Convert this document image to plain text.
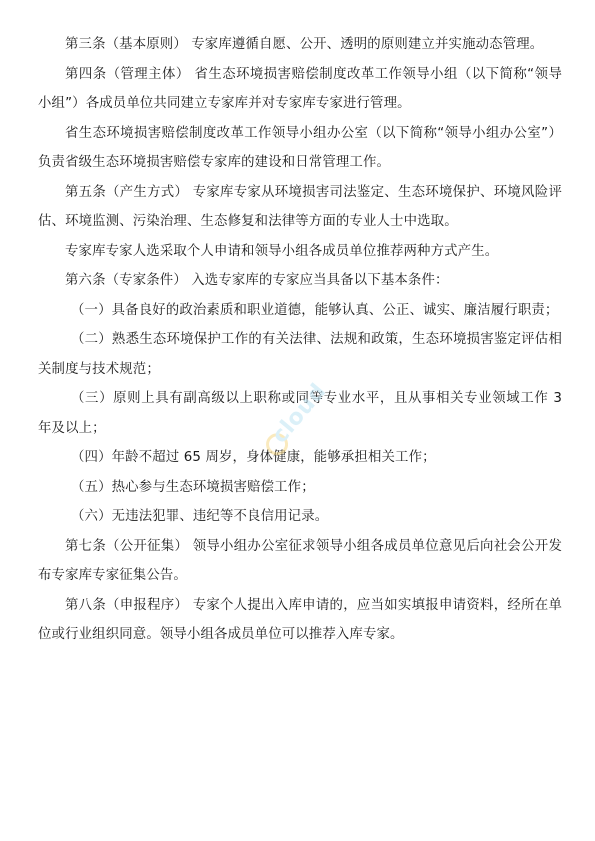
第三条（基本原则） 专家库遵循自愿、公开、透明的原则建立并实施动态管理。

第四条（管理主体） 省生态环境损害赔偿制度改革工作领导小组（以下简称“领导小组”）各成员单位共同建立专家库并对专家库专家进行管理。

省生态环境损害赔偿制度改革工作领导小组办公室（以下简称“领导小组办公室”）负责省级生态环境损害赔偿专家库的建设和日常管理工作。

第五条（产生方式） 专家库专家从环境损害司法鉴定、生态环境保护、环境风险评估、环境监测、污染治理、生态修复和法律等方面的专业人士中选取。

专家库专家人选采取个人申请和领导小组各成员单位推荐两种方式产生。

第六条（专家条件） 入选专家库的专家应当具备以下基本条件：

（一）具备良好的政治素质和职业道德，能够认真、公正、诚实、廉洁履行职责；

（二）熟悉生态环境保护工作的有关法律、法规和政策，生态环境损害鉴定评估相关制度与技术规范；

（三）原则上具有副高级以上职称或同等专业水平，且从事相关专业领域工作 3 年及以上；

（四）年龄不超过 65 周岁，身体健康，能够承担相关工作；

（五）热心参与生态环境损害赔偿工作；

（六）无违法犯罪、违纪等不良信用记录。

第七条（公开征集） 领导小组办公室征求领导小组各成员单位意见后向社会公开发布专家库专家征集公告。

第八条（申报程序） 专家个人提出入库申请的，应当如实填报申请资料，经所在单位或行业组织同意。领导小组各成员单位可以推荐入库专家。

cloud
